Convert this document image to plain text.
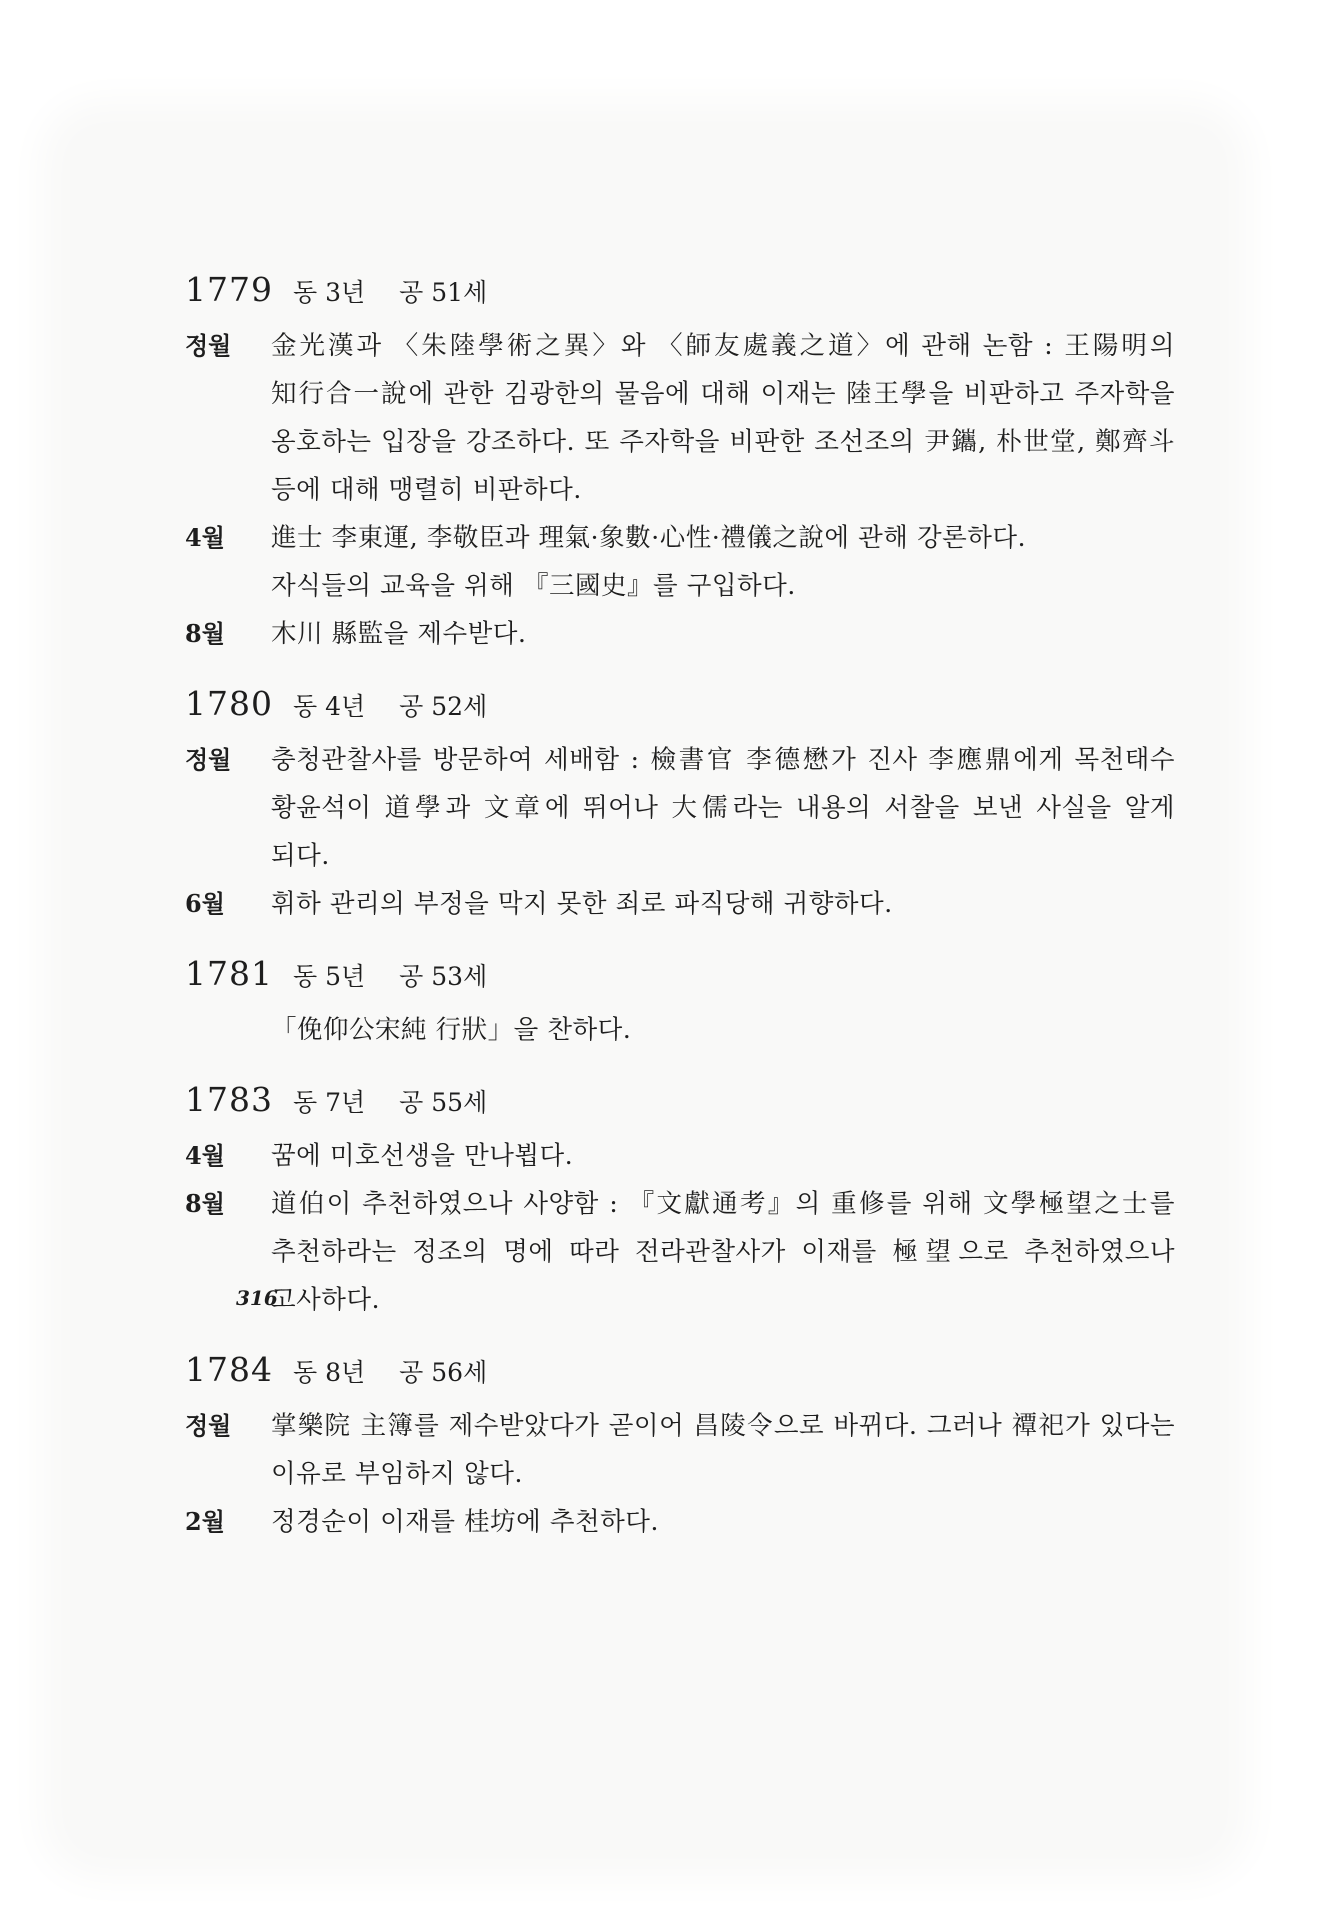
1779 동 3년 공 51세
정월	金光漢과 〈朱陸學術之異〉와 〈師友處義之道〉에 관해 논함 : 王陽明의 知行合一說에 관한 김광한의 물음에 대해 이재는 陸王學을 비판하고 주자학을 옹호하는 입장을 강조하다. 또 주자학을 비판한 조선조의 尹鑴, 朴世堂, 鄭齊斗 등에 대해 맹렬히 비판하다.
4월	進士 李東運, 李敬臣과 理氣·象數·心性·禮儀之說에 관해 강론하다.
자식들의 교육을 위해 『三國史』를 구입하다.
8월	木川 縣監을 제수받다.
1780 동 4년 공 52세
정월	충청관찰사를 방문하여 세배함 : 檢書官 李德懋가 진사 李應鼎에게 목천태수 황윤석이 道學과 文章에 뛰어나 大儒라는 내용의 서찰을 보낸 사실을 알게 되다.
6월	휘하 관리의 부정을 막지 못한 죄로 파직당해 귀향하다.
1781 동 5년 공 53세
「俛仰公宋純 行狀」을 찬하다.
1783 동 7년 공 55세
4월	꿈에 미호선생을 만나뵙다.
8월	道伯이 추천하였으나 사양함 : 『文獻通考』의 重修를 위해 文學極望之士를 추천하라는 정조의 명에 따라 전라관찰사가 이재를 極望으로 추천하였으나 고사하다.
1784 동 8년 공 56세
정월	掌樂院 主簿를 제수받았다가 곧이어 昌陵令으로 바뀌다. 그러나 禫祀가 있다는 이유로 부임하지 않다.
2월	정경순이 이재를 桂坊에 추천하다.
316
